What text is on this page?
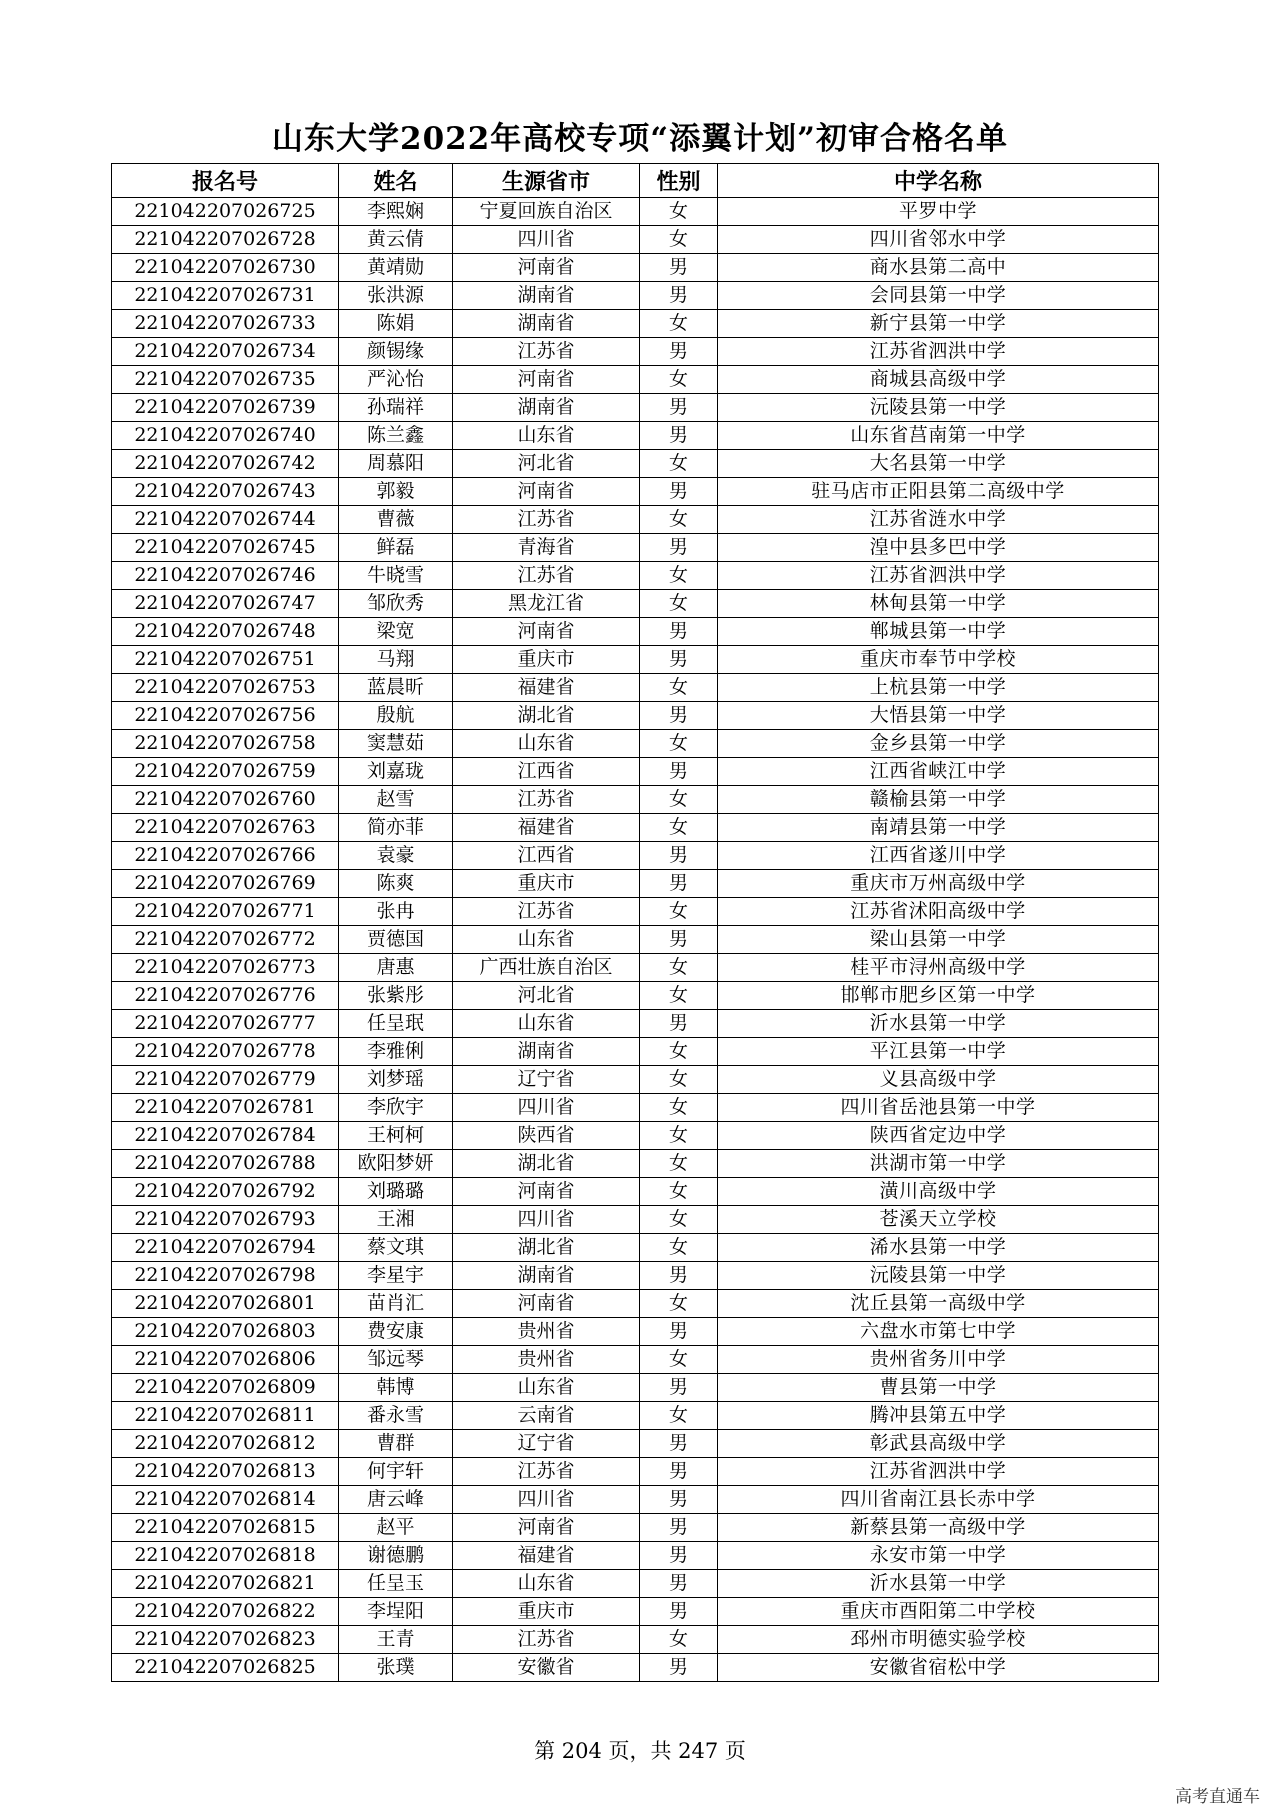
山东大学2022年高校专项“添翼计划”初审合格名单
报名号	姓名	生源省市	性别	中学名称
221042207026725	李熙娴	宁夏回族自治区	女	平罗中学
221042207026728	黄云倩	四川省	女	四川省邻水中学
221042207026730	黄靖勋	河南省	男	商水县第二高中
221042207026731	张洪源	湖南省	男	会同县第一中学
221042207026733	陈娟	湖南省	女	新宁县第一中学
221042207026734	颜锡缘	江苏省	男	江苏省泗洪中学
221042207026735	严沁怡	河南省	女	商城县高级中学
221042207026739	孙瑞祥	湖南省	男	沅陵县第一中学
221042207026740	陈兰鑫	山东省	男	山东省莒南第一中学
221042207026742	周慕阳	河北省	女	大名县第一中学
221042207026743	郭毅	河南省	男	驻马店市正阳县第二高级中学
221042207026744	曹薇	江苏省	女	江苏省涟水中学
221042207026745	鲜磊	青海省	男	湟中县多巴中学
221042207026746	牛晓雪	江苏省	女	江苏省泗洪中学
221042207026747	邹欣秀	黑龙江省	女	林甸县第一中学
221042207026748	梁宽	河南省	男	郸城县第一中学
221042207026751	马翔	重庆市	男	重庆市奉节中学校
221042207026753	蓝晨昕	福建省	女	上杭县第一中学
221042207026756	殷航	湖北省	男	大悟县第一中学
221042207026758	窦慧茹	山东省	女	金乡县第一中学
221042207026759	刘嘉珑	江西省	男	江西省峡江中学
221042207026760	赵雪	江苏省	女	赣榆县第一中学
221042207026763	简亦菲	福建省	女	南靖县第一中学
221042207026766	袁豪	江西省	男	江西省遂川中学
221042207026769	陈爽	重庆市	男	重庆市万州高级中学
221042207026771	张冉	江苏省	女	江苏省沭阳高级中学
221042207026772	贾德国	山东省	男	梁山县第一中学
221042207026773	唐惠	广西壮族自治区	女	桂平市浔州高级中学
221042207026776	张紫彤	河北省	女	邯郸市肥乡区第一中学
221042207026777	任呈珉	山东省	男	沂水县第一中学
221042207026778	李雅俐	湖南省	女	平江县第一中学
221042207026779	刘梦瑶	辽宁省	女	义县高级中学
221042207026781	李欣宇	四川省	女	四川省岳池县第一中学
221042207026784	王柯柯	陕西省	女	陕西省定边中学
221042207026788	欧阳梦妍	湖北省	女	洪湖市第一中学
221042207026792	刘璐璐	河南省	女	潢川高级中学
221042207026793	王湘	四川省	女	苍溪天立学校
221042207026794	蔡文琪	湖北省	女	浠水县第一中学
221042207026798	李星宇	湖南省	男	沅陵县第一中学
221042207026801	苗肖汇	河南省	女	沈丘县第一高级中学
221042207026803	费安康	贵州省	男	六盘水市第七中学
221042207026806	邹远琴	贵州省	女	贵州省务川中学
221042207026809	韩博	山东省	男	曹县第一中学
221042207026811	番永雪	云南省	女	腾冲县第五中学
221042207026812	曹群	辽宁省	男	彰武县高级中学
221042207026813	何宇轩	江苏省	男	江苏省泗洪中学
221042207026814	唐云峰	四川省	男	四川省南江县长赤中学
221042207026815	赵平	河南省	男	新蔡县第一高级中学
221042207026818	谢德鹏	福建省	男	永安市第一中学
221042207026821	任呈玉	山东省	男	沂水县第一中学
221042207026822	李埕阳	重庆市	男	重庆市酉阳第二中学校
221042207026823	王青	江苏省	女	邳州市明德实验学校
221042207026825	张璞	安徽省	男	安徽省宿松中学
第 204 页，共 247 页
高考直通车
